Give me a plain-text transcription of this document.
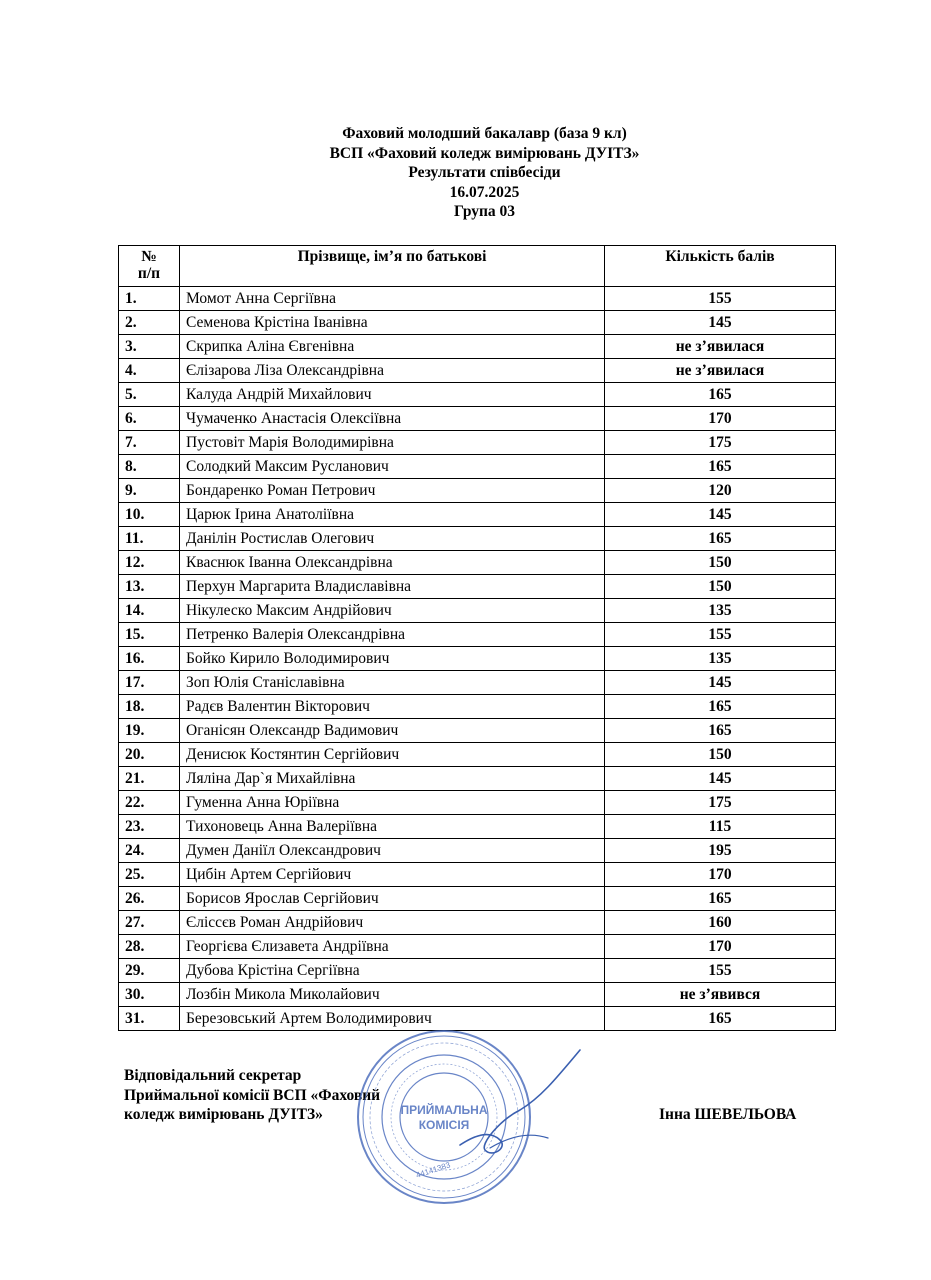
Фаховий молодший бакалавр (база 9 кл)
ВСП «Фаховий коледж вимірювань ДУІТЗ»
Результати співбесіди
16.07.2025
Група 03
№
п/п	Прізвище, ім’я по батькові	Кількість балів
1.	Момот Анна Сергіївна	155
2.	Семенова Крістіна Іванівна	145
3.	Скрипка Аліна Євгенівна	не з’явилася
4.	Єлізарова Ліза Олександрівна	не з’явилася
5.	Калуда Андрій Михайлович	165
6.	Чумаченко Анастасія Олексіївна	170
7.	Пустовіт Марія Володимирівна	175
8.	Солодкий Максим Русланович	165
9.	Бондаренко Роман Петрович	120
10.	Царюк Ірина Анатоліївна	145
11.	Данілін Ростислав Олегович	165
12.	Кваснюк Іванна Олександрівна	150
13.	Перхун Маргарита Владиславівна	150
14.	Нікулеско Максим Андрійович	135
15.	Петренко Валерія Олександрівна	155
16.	Бойко Кирило Володимирович	135
17.	Зоп Юлія Станіславівна	145
18.	Радєв Валентин Вікторович	165
19.	Оганісян Олександр Вадимович	165
20.	Денисюк Костянтин Сергійович	150
21.	Ляліна Дар`я Михайлівна	145
22.	Гуменна Анна Юріївна	175
23.	Тихоновець Анна Валеріївна	115
24.	Думен Даніїл Олександрович	195
25.	Цибін Артем Сергійович	170
26.	Борисов Ярослав Сергійович	165
27.	Єліссєв Роман Андрійович	160
28.	Георгієва Єлизавета Андріївна	170
29.	Дубова Крістіна Сергіївна	155
30.	Лозбін Микола Миколайович	не з’явився
31.	Березовський Артем Володимирович	165
Відповідальний секретар
Приймальної комісії ВСП «Фаховий
коледж вимірювань ДУІТЗ»	Інна ШЕВЕЛЬОВА
ПРИЙМАЛЬНА
КОМІСІЯ
44141383
